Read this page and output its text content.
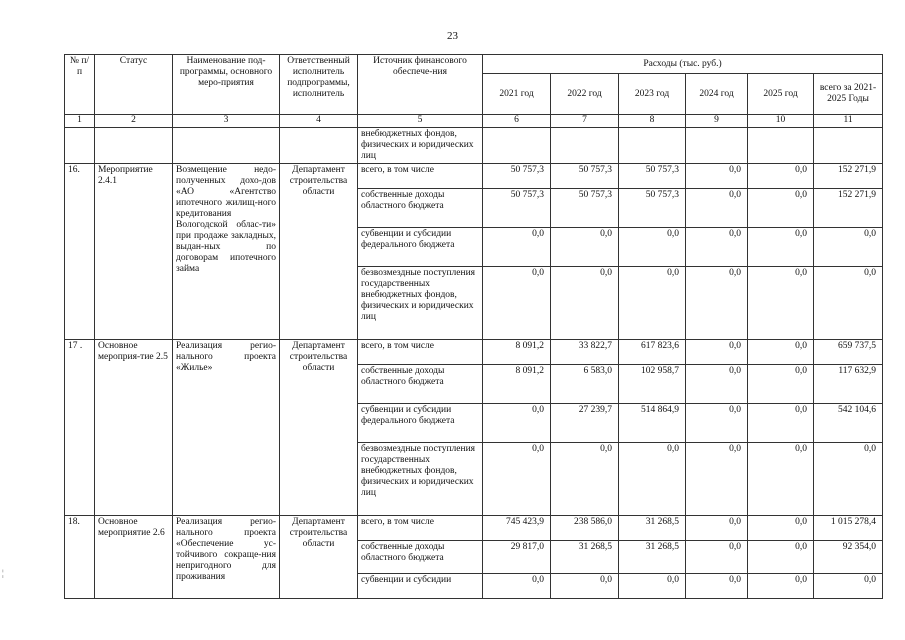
23
№ п/п	Статус	Наименование под-программы, основного меро-приятия	Ответственный исполнитель подпрограммы, исполнитель	Источник финансового обеспече-ния	Расходы (тыс. руб.)					
					2021 год	2022 год	2023 год	2024 год	2025 год	всего за 2021-2025 Годы
1	2	3	4	5	6	7	8	9	10	11
				внебюджетных фондов, физических и юридических лиц						
16.	Мероприятие 2.4.1	Возмещение недо-полученных дохо-дов «АО «Агентство ипотечного жилищ-ного кредитования Вологодской облас-ти» при продаже закладных, выдан-ных по договорам ипотечного займа	Департамент строительства области	всего, в том числе	50 757,3	50 757,3	50 757,3	0,0	0,0	152 271,9
				собственные доходы областного бюджета	50 757,3	50 757,3	50 757,3	0,0	0,0	152 271,9
				субвенции и субсидии федерального бюджета	0,0	0,0	0,0	0,0	0,0	0,0
				безвозмездные поступления государственных внебюджетных фондов, физических и юридических лиц	0,0	0,0	0,0	0,0	0,0	0,0
17 .	Основное мероприя-тие 2.5	Реализация регио-нального проекта «Жилье»	Департамент строительства области	всего, в том числе	8 091,2	33 822,7	617 823,6	0,0	0,0	659 737,5
				собственные доходы областного бюджета	8 091,2	6 583,0	102 958,7	0,0	0,0	117 632,9
				субвенции и субсидии федерального бюджета	0,0	27 239,7	514 864,9	0,0	0,0	542 104,6
				безвозмездные поступления государственных внебюджетных фондов, физических и юридических лиц	0,0	0,0	0,0	0,0	0,0	0,0
18.	Основное мероприятие 2.6	Реализация регио-нального проекта «Обеспечение ус-тойчивого сокраще-ния непригодного для проживания	Департамент строительства области	всего, в том числе	745 423,9	238 586,0	31 268,5	0,0	0,0	1 015 278,4
				собственные доходы областного бюджета	29 817,0	31 268,5	31 268,5	0,0	0,0	92 354,0
				субвенции и субсидии	0,0	0,0	0,0	0,0	0,0	0,0
¦
